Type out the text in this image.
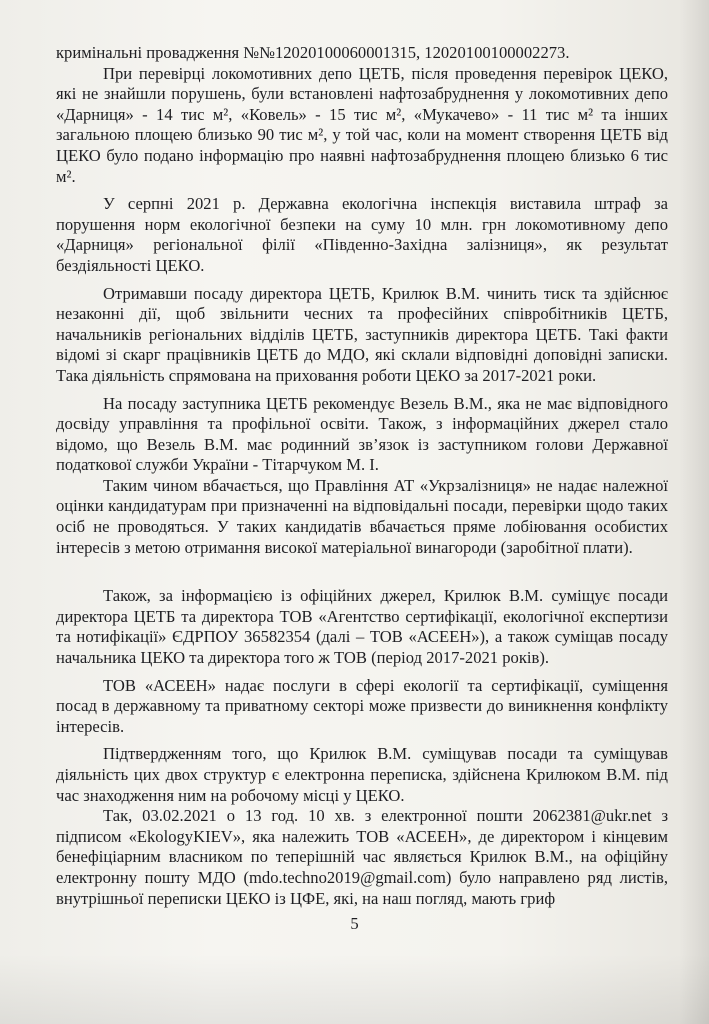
кримінальні провадження №№12020100060001315, 12020100100002273.

При перевірці локомотивних депо ЦЕТБ, після проведення перевірок ЦЕКО, які не знайшли порушень, були встановлені нафтозабруднення у локомотивних депо «Дарниця» - 14 тис м², «Ковель» - 15 тис м², «Мукачево» - 11 тис м² та інших загальною площею близько 90 тис м², у той час, коли на момент створення ЦЕТБ від ЦЕКО було подано інформацію про наявні нафтозабруднення площею близько 6 тис м².

У серпні 2021 р. Державна екологічна інспекція виставила штраф за порушення норм екологічної безпеки на суму 10 млн. грн локомотивному депо «Дарниця» регіональної філії «Південно-Західна залізниця», як результат бездіяльності ЦЕКО.

Отримавши посаду директора ЦЕТБ, Крилюк В.М. чинить тиск та здійснює незаконні дії, щоб звільнити чесних та професійних співробітників ЦЕТБ, начальників регіональних відділів ЦЕТБ, заступників директора ЦЕТБ. Такі факти відомі зі скарг працівників ЦЕТБ до МДО, які склали відповідні доповідні записки. Така діяльність спрямована на приховання роботи ЦЕКО за 2017-2021 роки.

На посаду заступника ЦЕТБ рекомендує Везель В.М., яка не має відповідного досвіду управління та профільної освіти. Також, з інформаційних джерел стало відомо, що Везель В.М. має родинний зв’язок із заступником голови Державної податкової служби України - Тітарчуком М. І.

Таким чином вбачається, що Правління АТ «Укрзалізниця» не надає належної оцінки кандидатурам при призначенні на відповідальні посади, перевірки щодо таких осіб не проводяться. У таких кандидатів вбачається пряме лобіювання особистих інтересів з метою отримання високої матеріальної винагороди (заробітної плати).

Також, за інформацією із офіційних джерел, Крилюк В.М. суміщує посади директора ЦЕТБ та директора ТОВ «Агентство сертифікації, екологічної експертизи та нотифікації» ЄДРПОУ 36582354 (далі – ТОВ «АСЕЕН»), а також суміщав посаду начальника ЦЕКО та директора того ж ТОВ (період 2017-2021 років).

ТОВ «АСЕЕН» надає послуги в сфері екології та сертифікації, суміщення посад в державному та приватному секторі може призвести до виникнення конфлікту інтересів.

Підтвердженням того, що Крилюк В.М. суміщував посади та суміщував діяльність цих двох структур є електронна переписка, здійснена Крилюком В.М. під час знаходження ним на робочому місці у ЦЕКО.

Так, 03.02.2021 о 13 год. 10 хв. з електронної пошти 2062381@ukr.net з підписом «EkologyKIEV», яка належить ТОВ «АСЕЕН», де директором і кінцевим бенефіціарним власником по теперішній час являється Крилюк В.М., на офіційну електронну пошту МДО (mdo.techno2019@gmail.com) було направлено ряд листів, внутрішньої переписки ЦЕКО із ЦФЕ, які, на наш погляд, мають гриф

5
